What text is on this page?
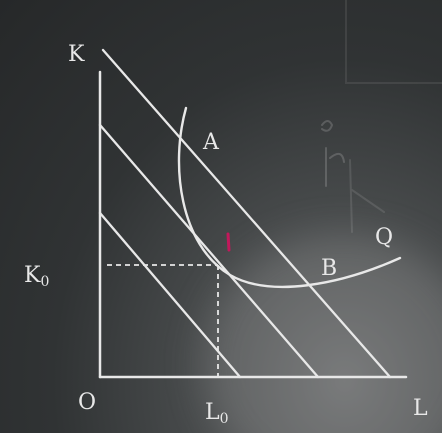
K
L
O
$K_0$
$L_0$
A
B
Q
